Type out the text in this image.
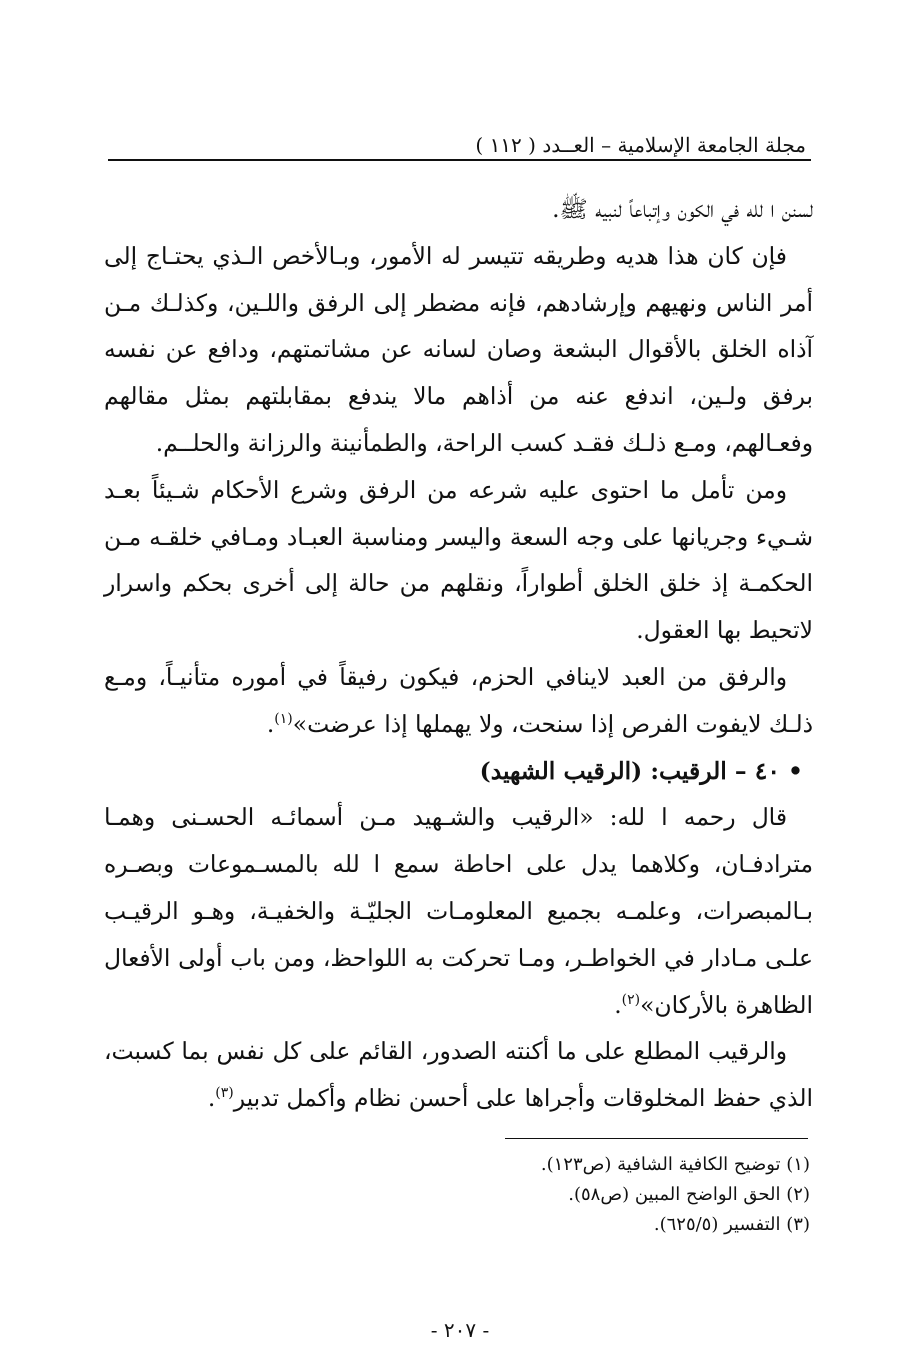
مجلة الجامعة الإسلامية – العــدد ( ١١٢ )

لسنن ا لله في الكون وإتباعاً لنبيه ﷺ.

فإن كان هذا هديه وطريقه تتيسر له الأمور، وبـالأخص الـذي يحتـاج إلى أمر الناس ونهيهم وإرشادهم، فإنه مضطر إلى الرفق واللـين، وكذلـك مـن آذاه الخلق بالأقوال البشعة وصان لسانه عن مشاتمتهم، ودافع عن نفسه برفق ولـين، اندفع عنه من أذاهم مالا يندفع بمقابلتهم بمثل مقالهم وفعـالهم، ومـع ذلـك فقـد كسب الراحة، والطمأنينة والرزانة والحلــم.

ومن تأمل ما احتوى عليه شرعه من الرفق وشرع الأحكام شـيئاً بعـد شـيء وجريانها على وجه السعة واليسر ومناسبة العبـاد ومـافي خلقـه مـن الحكمـة إذ خلق الخلق أطواراً، ونقلهم من حالة إلى أخرى بحكم واسرار لاتحيط بها العقول.

والرفق من العبد لاينافي الحزم، فيكون رفيقاً في أموره متأنيـاً، ومـع ذلـك لايفوت الفرص إذا سنحت، ولا يهملها إذا عرضت»$^{(١)}$.

• ٤٠ – الرقيب: (الرقيب الشهيد)

قال رحمه ا لله: «الرقيب والشـهيد مـن أسمائـه الحسـنى وهمـا مترادفـان، وكلاهما يدل على احاطة سمع ا لله بالمسـموعات وبصـره بـالمبصرات، وعلمـه بجميع المعلومـات الجليّـة والخفيـة، وهـو الرقيـب علـى مـادار في الخواطـر، ومـا تحركت به اللواحظ، ومن باب أولى الأفعال الظاهرة بالأركان»$^{(٢)}$.

والرقيب المطلع على ما أكنته الصدور، القائم على كل نفس بما كسبت، الذي حفظ المخلوقات وأجراها على أحسن نظام وأكمل تدبير$^{(٣)}$.

(١) توضيح الكافية الشافية (ص١٢٣).

(٢) الحق الواضح المبين (ص٥٨).

(٣) التفسير (٦٢٥/٥).

- ٢٠٧ -
